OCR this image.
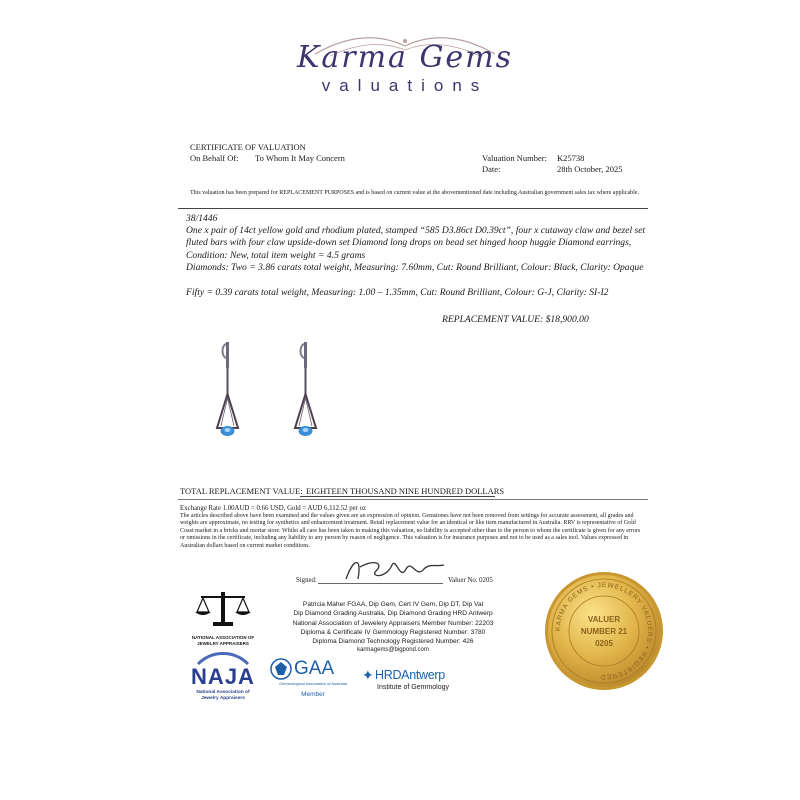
Karma Gems
valuations
CERTIFICATE OF VALUATION
On Behalf Of: To Whom It May Concern	Valuation Number: K25738
Date:	28th October, 2025
This valuation has been prepared for REPLACEMENT PURPOSES and is based on current value at the abovementioned date including Australian government sales tax where applicable.
38/1446
One x pair of 14ct yellow gold and rhodium plated, stamped “585 D3.86ct D0.39ct”, four x cutaway claw and bezel set fluted bars with four claw upside-down set Diamond long drops on bead set hinged hoop huggie Diamond earrings, Condition: New, total item weight = 4.5 grams
Diamonds: Two = 3.86 carats total weight, Measuring: 7.60mm, Cut: Round Brilliant, Colour: Black, Clarity: Opaque
Fifty = 0.39 carats total weight, Measuring: 1.00 – 1.35mm, Cut: Round Brilliant, Colour: G-J, Clarity: SI-I2
REPLACEMENT VALUE: $18,900.00
TOTAL REPLACEMENT VALUE: EIGHTEEN THOUSAND NINE HUNDRED DOLLARS
Exchange Rate 1.00AUD = 0.66 USD, Gold = AUD 6,112.52 per oz
The articles described above have been examined and the values given are an expression of opinion. Gemstones have not been removed from settings for accurate assessment, all grades and weights are approximate, no testing for synthetics and enhancement treatment. Retail replacement value for an identical or like item manufactured in Australia. RRV is representative of Gold Coast market in a bricks and mortar store. Whilst all care has been taken in making this valuation, no liability is accepted other than to the person to whom the certificate is given for any errors or omissions in the certificate, including any liability to any person by reason of negligence. This valuation is for insurance purposes and not to be used as a sales tool. Values expressed in Australian dollars based on current market conditions.
Signed:	Valuer No. 0205
Patricia Maher FGAA, Dip Gem, Cert IV Gem, Dip DT, Dip Val
Dip Diamond Grading Australia, Dip Diamond Grading HRD Antwerp
National Association of Jewelery Appraisers Member Number: 22203
Diploma & Certificate IV Gemmology Registered Number: 3780
Diploma Diamond Technology Registered Number: 426
karmagems@bigpond.com
NATIONAL ASSOCIATION OF
JEWELRY APPRAISERS
NAJA
National Association of
Jewelry Appraisers
GAA
Gemmological Association of Australia
Member
✦ HRDAntwerp
Institute of Gemmology
KARMA GEMS • JEWELLERY VALUERS • REGISTERED
VALUER
NUMBER 21
0205
